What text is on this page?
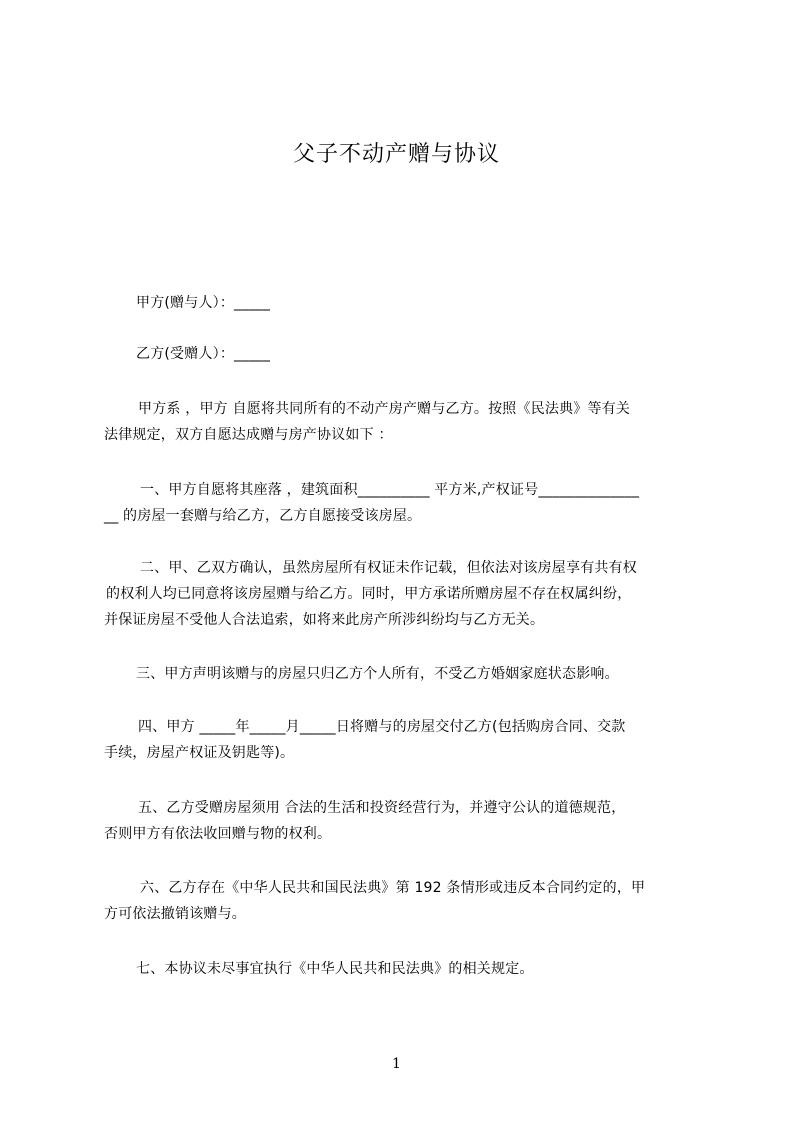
父子不动产赠与协议
甲方(赠与人）：_____
乙方(受赠人）：_____
甲方系 ，甲方 自愿将共同所有的不动产房产赠与乙方。按照《民法典》等有关
法律规定，双方自愿达成赠与房产协议如下 ：
一、甲方自愿将其座落 ，建筑面积__________ 平方米,产权证号______________
__ 的房屋一套赠与给乙方，乙方自愿接受该房屋。
二、甲、乙双方确认，虽然房屋所有权证未作记载，但依法对该房屋享有共有权
的权利人均已同意将该房屋赠与给乙方。同时，甲方承诺所赠房屋不存在权属纠纷，
并保证房屋不受他人合法追索，如将来此房产所涉纠纷均与乙方无关。
三、甲方声明该赠与的房屋只归乙方个人所有，不受乙方婚姻家庭状态影响。
四、甲方 _____年_____月_____日将赠与的房屋交付乙方(包括购房合同、交款
手续，房屋产权证及钥匙等)。
五、乙方受赠房屋须用 合法的生活和投资经营行为，并遵守公认的道德规范，
否则甲方有依法收回赠与物的权利。
六、乙方存在《中华人民共和国民法典》第 192 条情形或违反本合同约定的，甲
方可依法撤销该赠与。
七、本协议未尽事宜执行《中华人民共和民法典》的相关规定。
1
